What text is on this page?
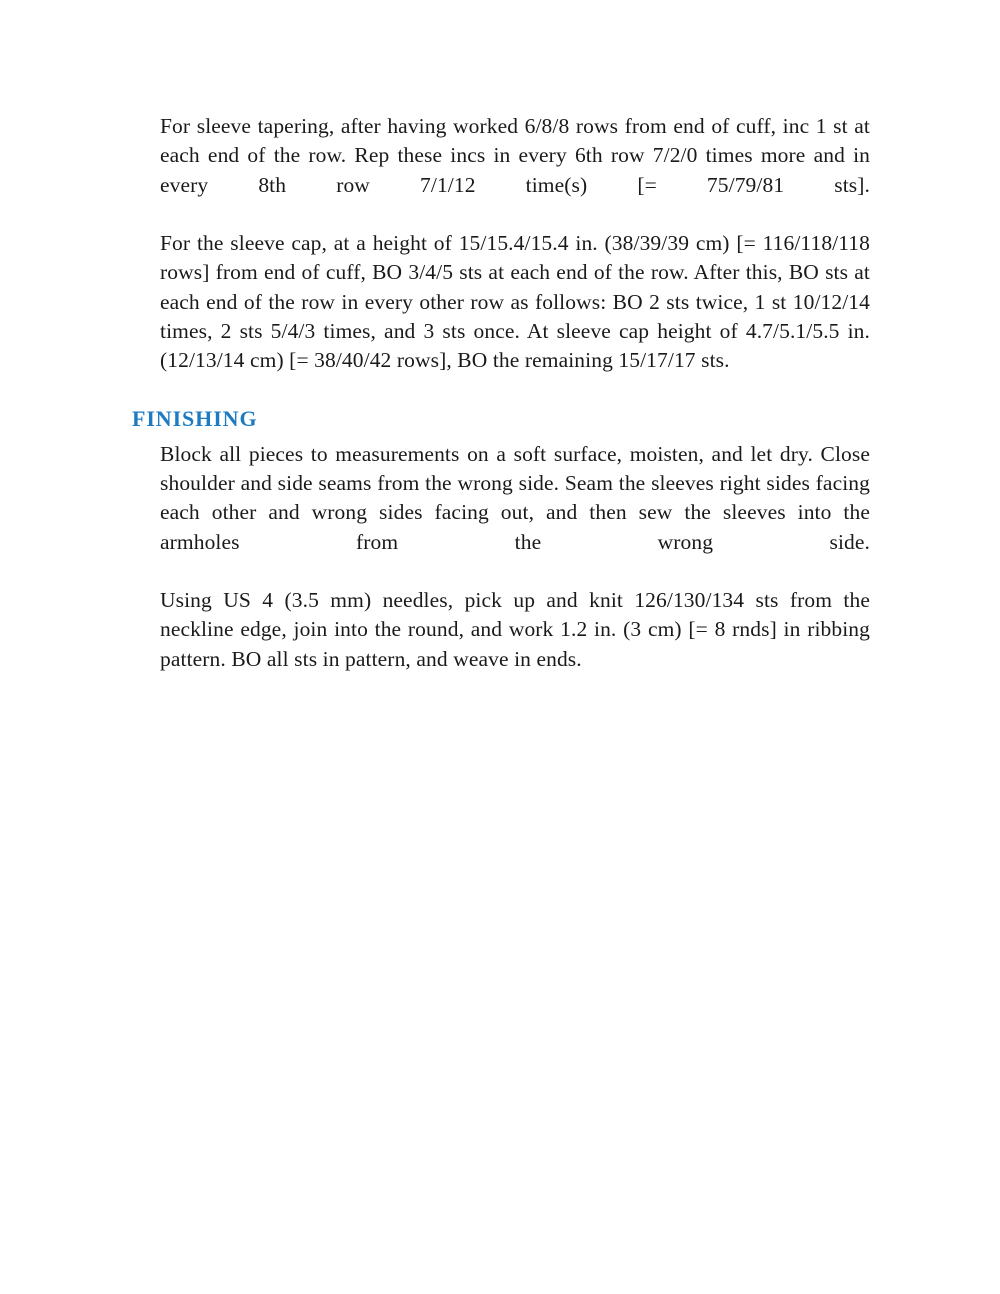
For sleeve tapering, after having worked 6/8/8 rows from end of cuff, inc 1 st at each end of the row. Rep these incs in every 6th row 7/2/0 times more and in every 8th row 7/1/12 time(s) [= 75/79/81 sts].

For the sleeve cap, at a height of 15/15.4/15.4 in. (38/39/39 cm) [= 116/118/118 rows] from end of cuff, BO 3/4/5 sts at each end of the row. After this, BO sts at each end of the row in every other row as follows: BO 2 sts twice, 1 st 10/12/14 times, 2 sts 5/4/3 times, and 3 sts once. At sleeve cap height of 4.7/5.1/5.5 in. (12/13/14 cm) [= 38/40/42 rows], BO the remaining 15/17/17 sts.

FINISHING

Block all pieces to measurements on a soft surface, moisten, and let dry. Close shoulder and side seams from the wrong side. Seam the sleeves right sides facing each other and wrong sides facing out, and then sew the sleeves into the armholes from the wrong side.

Using US 4 (3.5 mm) needles, pick up and knit 126/130/134 sts from the neckline edge, join into the round, and work 1.2 in. (3 cm) [= 8 rnds] in ribbing pattern. BO all sts in pattern, and weave in ends.
